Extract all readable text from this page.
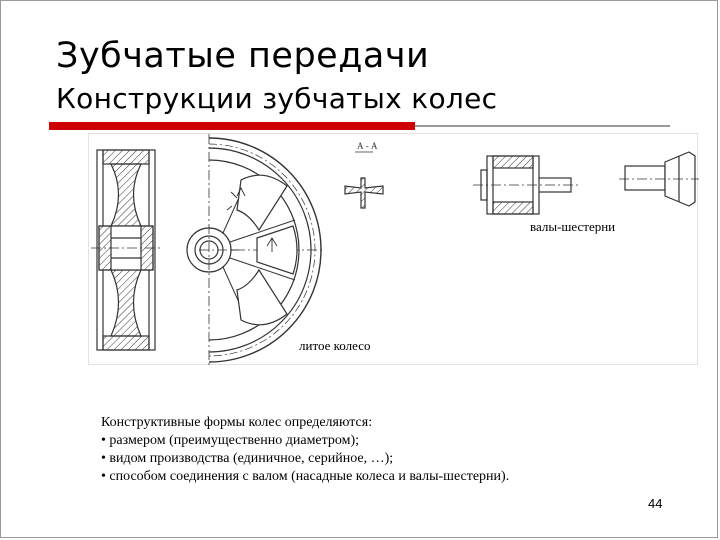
Зубчатые передачи
Конструкции зубчатых колес
А - А
валы-шестерни
литое колесо
Конструктивные формы колес определяются:
• размером (преимущественно диаметром);
• видом производства (единичное, серийное, …);
• способом соединения с валом (насадные колеса и валы-шестерни).
44
